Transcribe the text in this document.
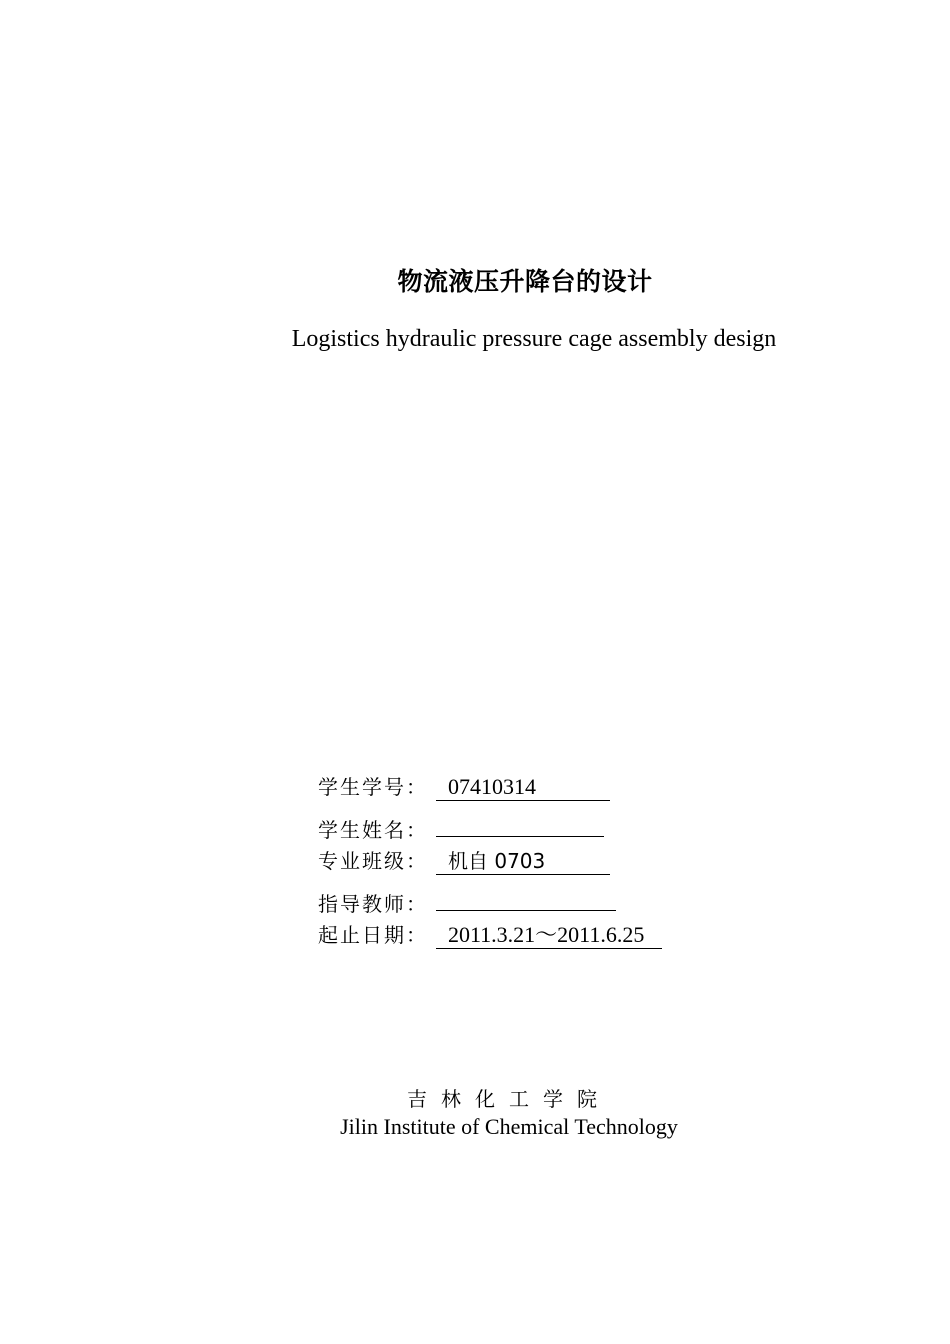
物流液压升降台的设计
Logistics hydraulic pressure cage assembly design
学生学号： 07410314
学生姓名：
专业班级： 机自 0703
指导教师：
起止日期： 2011.3.21～2011.6.25
吉林化工学院
Jilin Institute of Chemical Technology
